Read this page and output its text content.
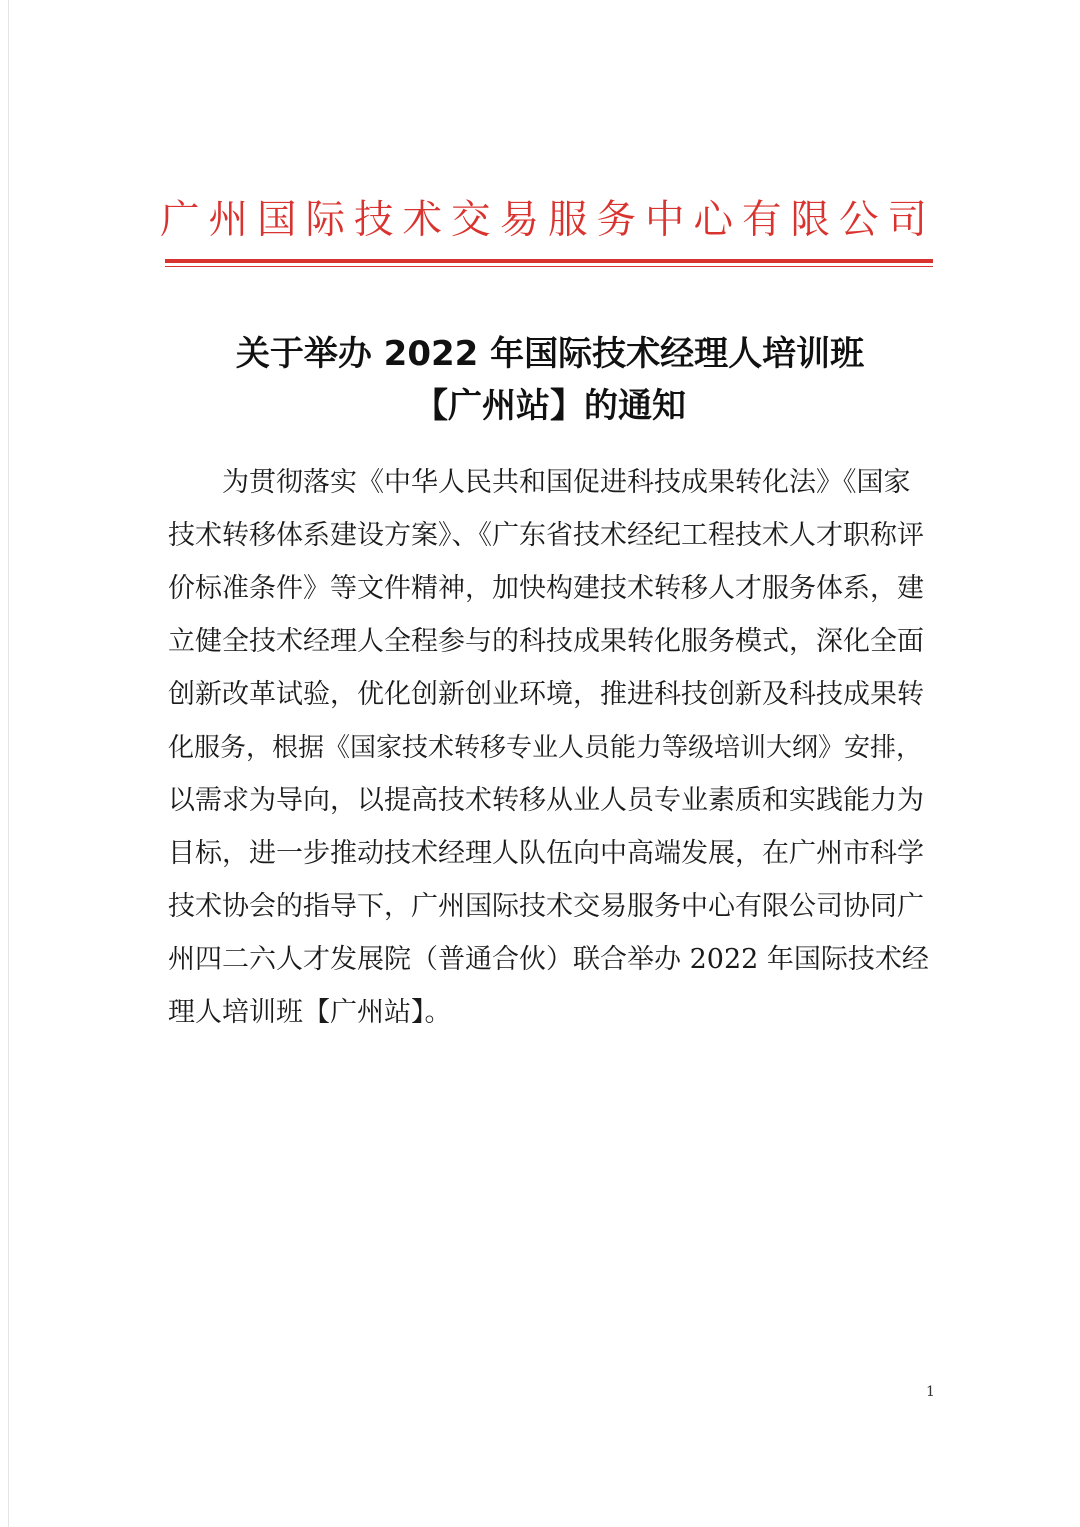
广州国际技术交易服务中心有限公司
关于举办 2022 年国际技术经理人培训班
【广州站】的通知
为贯彻落实《中华人民共和国促进科技成果转化法》《国家
技术转移体系建设方案》、《广东省技术经纪工程技术人才职称评
价标准条件》等文件精神，加快构建技术转移人才服务体系，建
立健全技术经理人全程参与的科技成果转化服务模式，深化全面
创新改革试验，优化创新创业环境，推进科技创新及科技成果转
化服务，根据《国家技术转移专业人员能力等级培训大纲》安排，
以需求为导向，以提高技术转移从业人员专业素质和实践能力为
目标，进一步推动技术经理人队伍向中高端发展，在广州市科学
技术协会的指导下，广州国际技术交易服务中心有限公司协同广
州四二六人才发展院（普通合伙）联合举办 2022 年国际技术经
理人培训班【广州站】。
1
